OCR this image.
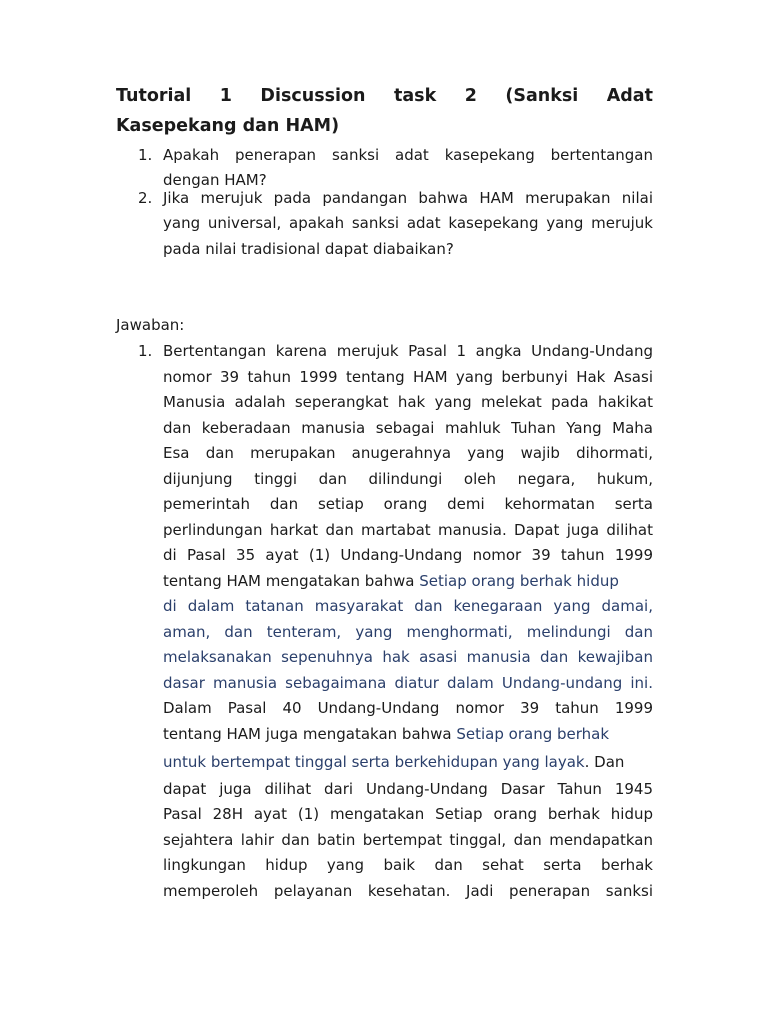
Tutorial 1 Discussion task 2 (Sanksi Adat
Kasepekang dan HAM)
1. Apakah penerapan sanksi adat kasepekang bertentangan
dengan HAM?
2. Jika merujuk pada pandangan bahwa HAM merupakan nilai
yang universal, apakah sanksi adat kasepekang yang merujuk
pada nilai tradisional dapat diabaikan?
Jawaban:
1. Bertentangan karena merujuk Pasal 1 angka Undang-Undang
nomor 39 tahun 1999 tentang HAM yang berbunyi Hak Asasi
Manusia adalah seperangkat hak yang melekat pada hakikat
dan keberadaan manusia sebagai mahluk Tuhan Yang Maha
Esa dan merupakan anugerahnya yang wajib dihormati,
dijunjung tinggi dan dilindungi oleh negara, hukum,
pemerintah dan setiap orang demi kehormatan serta
perlindungan harkat dan martabat manusia. Dapat juga dilihat
di Pasal 35 ayat (1) Undang-Undang nomor 39 tahun 1999
tentang HAM mengatakan bahwa Setiap orang berhak hidup
di dalam tatanan masyarakat dan kenegaraan yang damai,
aman, dan tenteram, yang menghormati, melindungi dan
melaksanakan sepenuhnya hak asasi manusia dan kewajiban
dasar manusia sebagaimana diatur dalam Undang-undang ini.
Dalam Pasal 40 Undang-Undang nomor 39 tahun 1999
tentang HAM juga mengatakan bahwa Setiap orang berhak
untuk bertempat tinggal serta berkehidupan yang layak. Dan
dapat juga dilihat dari Undang-Undang Dasar Tahun 1945
Pasal 28H ayat (1) mengatakan Setiap orang berhak hidup
sejahtera lahir dan batin bertempat tinggal, dan mendapatkan
lingkungan hidup yang baik dan sehat serta berhak
memperoleh pelayanan kesehatan. Jadi penerapan sanksi
